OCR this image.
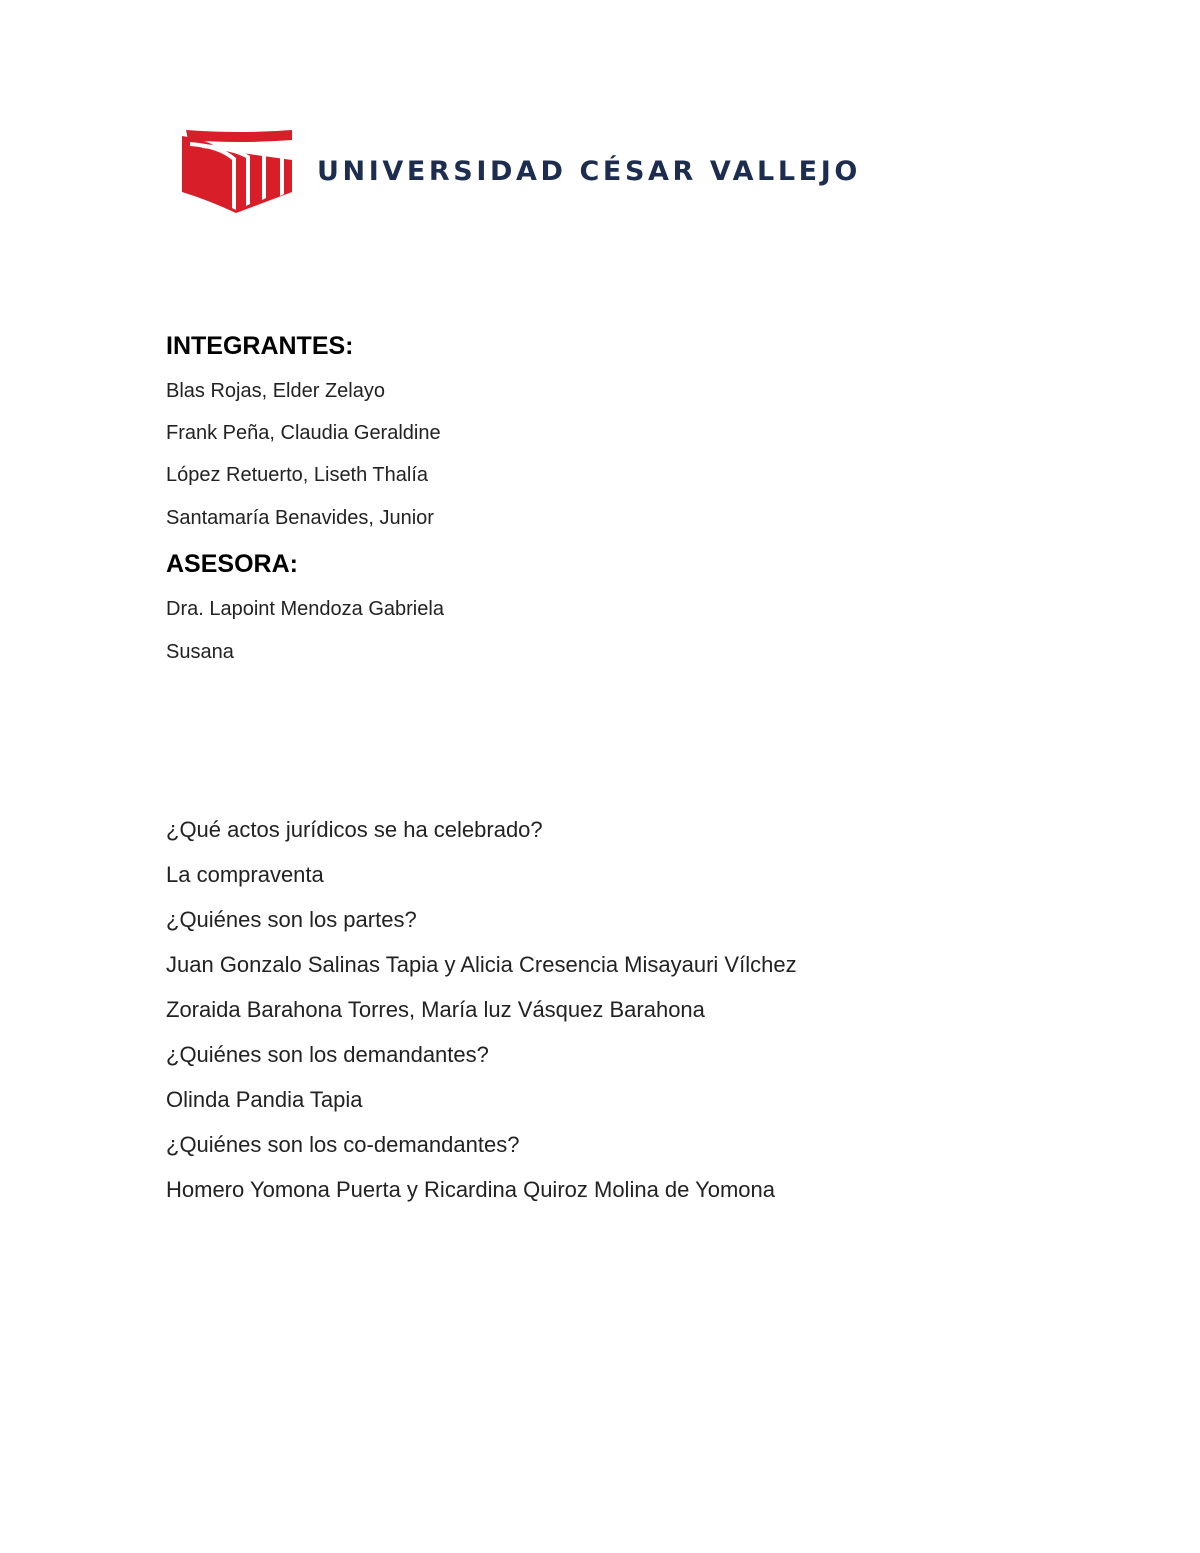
UNIVERSIDAD CÉSAR VALLEJO

INTEGRANTES:

Blas Rojas, Elder Zelayo

Frank Peña, Claudia Geraldine

López Retuerto, Liseth Thalía

Santamaría Benavides, Junior

ASESORA:

Dra. Lapoint Mendoza Gabriela

Susana

¿Qué actos jurídicos se ha celebrado?

La compraventa

¿Quiénes son los partes?

Juan Gonzalo Salinas Tapia y Alicia Cresencia Misayauri Vílchez

Zoraida Barahona Torres, María luz Vásquez Barahona

¿Quiénes son los demandantes?

Olinda Pandia Tapia

¿Quiénes son los co-demandantes?

Homero Yomona Puerta y Ricardina Quiroz Molina de Yomona
